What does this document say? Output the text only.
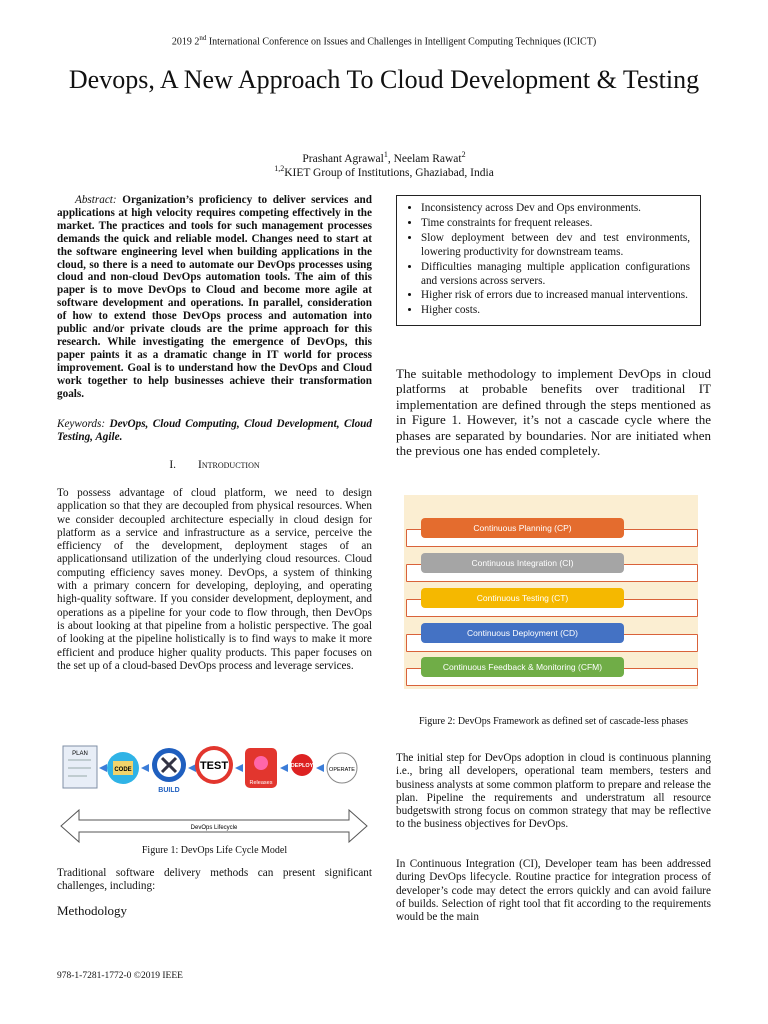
2019 2nd International Conference on Issues and Challenges in Intelligent Computing Techniques (ICICT)
Devops, A New Approach To Cloud Development & Testing
Prashant Agrawal$^1$, Neelam Rawat$^2$
$^{1,2}$KIET Group of Institutions, Ghaziabad, India
Abstract: Organization’s proficiency to deliver services and applications at high velocity requires competing effectively in the market. The practices and tools for such management processes demands the quick and reliable model. Changes need to start at the software engineering level when building applications in the cloud, so there is a need to automate our DevOps processes using cloud and non-cloud DevOps automation tools. The aim of this paper is to move DevOps to Cloud and become more agile at software development and operations. In parallel, consideration of how to extend those DevOps process and automation into public and/or private clouds are the prime approach for this research. While investigating the emergence of DevOps, this paper paints it as a dramatic change in IT world for process improvement. Goal is to understand how the DevOps and Cloud work together to help businesses achieve their transformation goals.
Keywords: DevOps, Cloud Computing, Cloud Development, Cloud Testing, Agile.
I. Introduction
To possess advantage of cloud platform, we need to design application so that they are decoupled from physical resources. When we consider decoupled architecture especially in cloud design for platform as a service and infrastructure as a service, perceive the efficiency of the development, deployment stages of an applicationsand utilization of the underlying cloud resources. Cloud computing efficiency saves money. DevOps, a system of thinking with a primary concern for developing, deploying, and operating high-quality software. If you consider development, deployment, and operations as a pipeline for your code to flow through, then DevOps is about looking at that pipeline from a holistic perspective. The goal of looking at the pipeline holistically is to find ways to make it more efficient and produce higher quality products. This paper focuses on the set up of a cloud-based DevOps process and leverage services.
PLAN
CODE
BUILD
TEST
Releases
DEPLOY
OPERATE
DevOps Lifecycle
Figure 1: DevOps Life Cycle Model
Traditional software delivery methods can present significant challenges, including:
Methodology
• Inconsistency across Dev and Ops environments.
• Time constraints for frequent releases.
• Slow deployment between dev and test environments, lowering productivity for downstream teams.
• Difficulties managing multiple application configurations and versions across servers.
• Higher risk of errors due to increased manual interventions.
• Higher costs.
The suitable methodology to implement DevOps in cloud platforms at probable benefits over traditional IT implementation are defined through the steps mentioned as in Figure 1. However, it’s not a cascade cycle where the phases are separated by boundaries. Nor are initiated when the previous one has ended completely.
Continuous Planning (CP)
Continuous Integration (CI)
Continuous Testing (CT)
Continuous Deployment (CD)
Continuous Feedback & Monitoring (CFM)
Figure 2: DevOps Framework as defined set of cascade-less phases
The initial step for DevOps adoption in cloud is continuous planning i.e., bring all developers, operational team members, testers and business analysts at some common platform to prepare and release the plan. Pipeline the requirements and understratum all resource budgetswith strong focus on common strategy that may be reflective to the business objectives for DevOps.
In Continuous Integration (CI), Developer team has been addressed during DevOps lifecycle. Routine practice for integration process of developer’s code may detect the errors quickly and can avoid failure of builds. Selection of right tool that fit according to the requirements would be the main
978-1-7281-1772-0 ©2019 IEEE
